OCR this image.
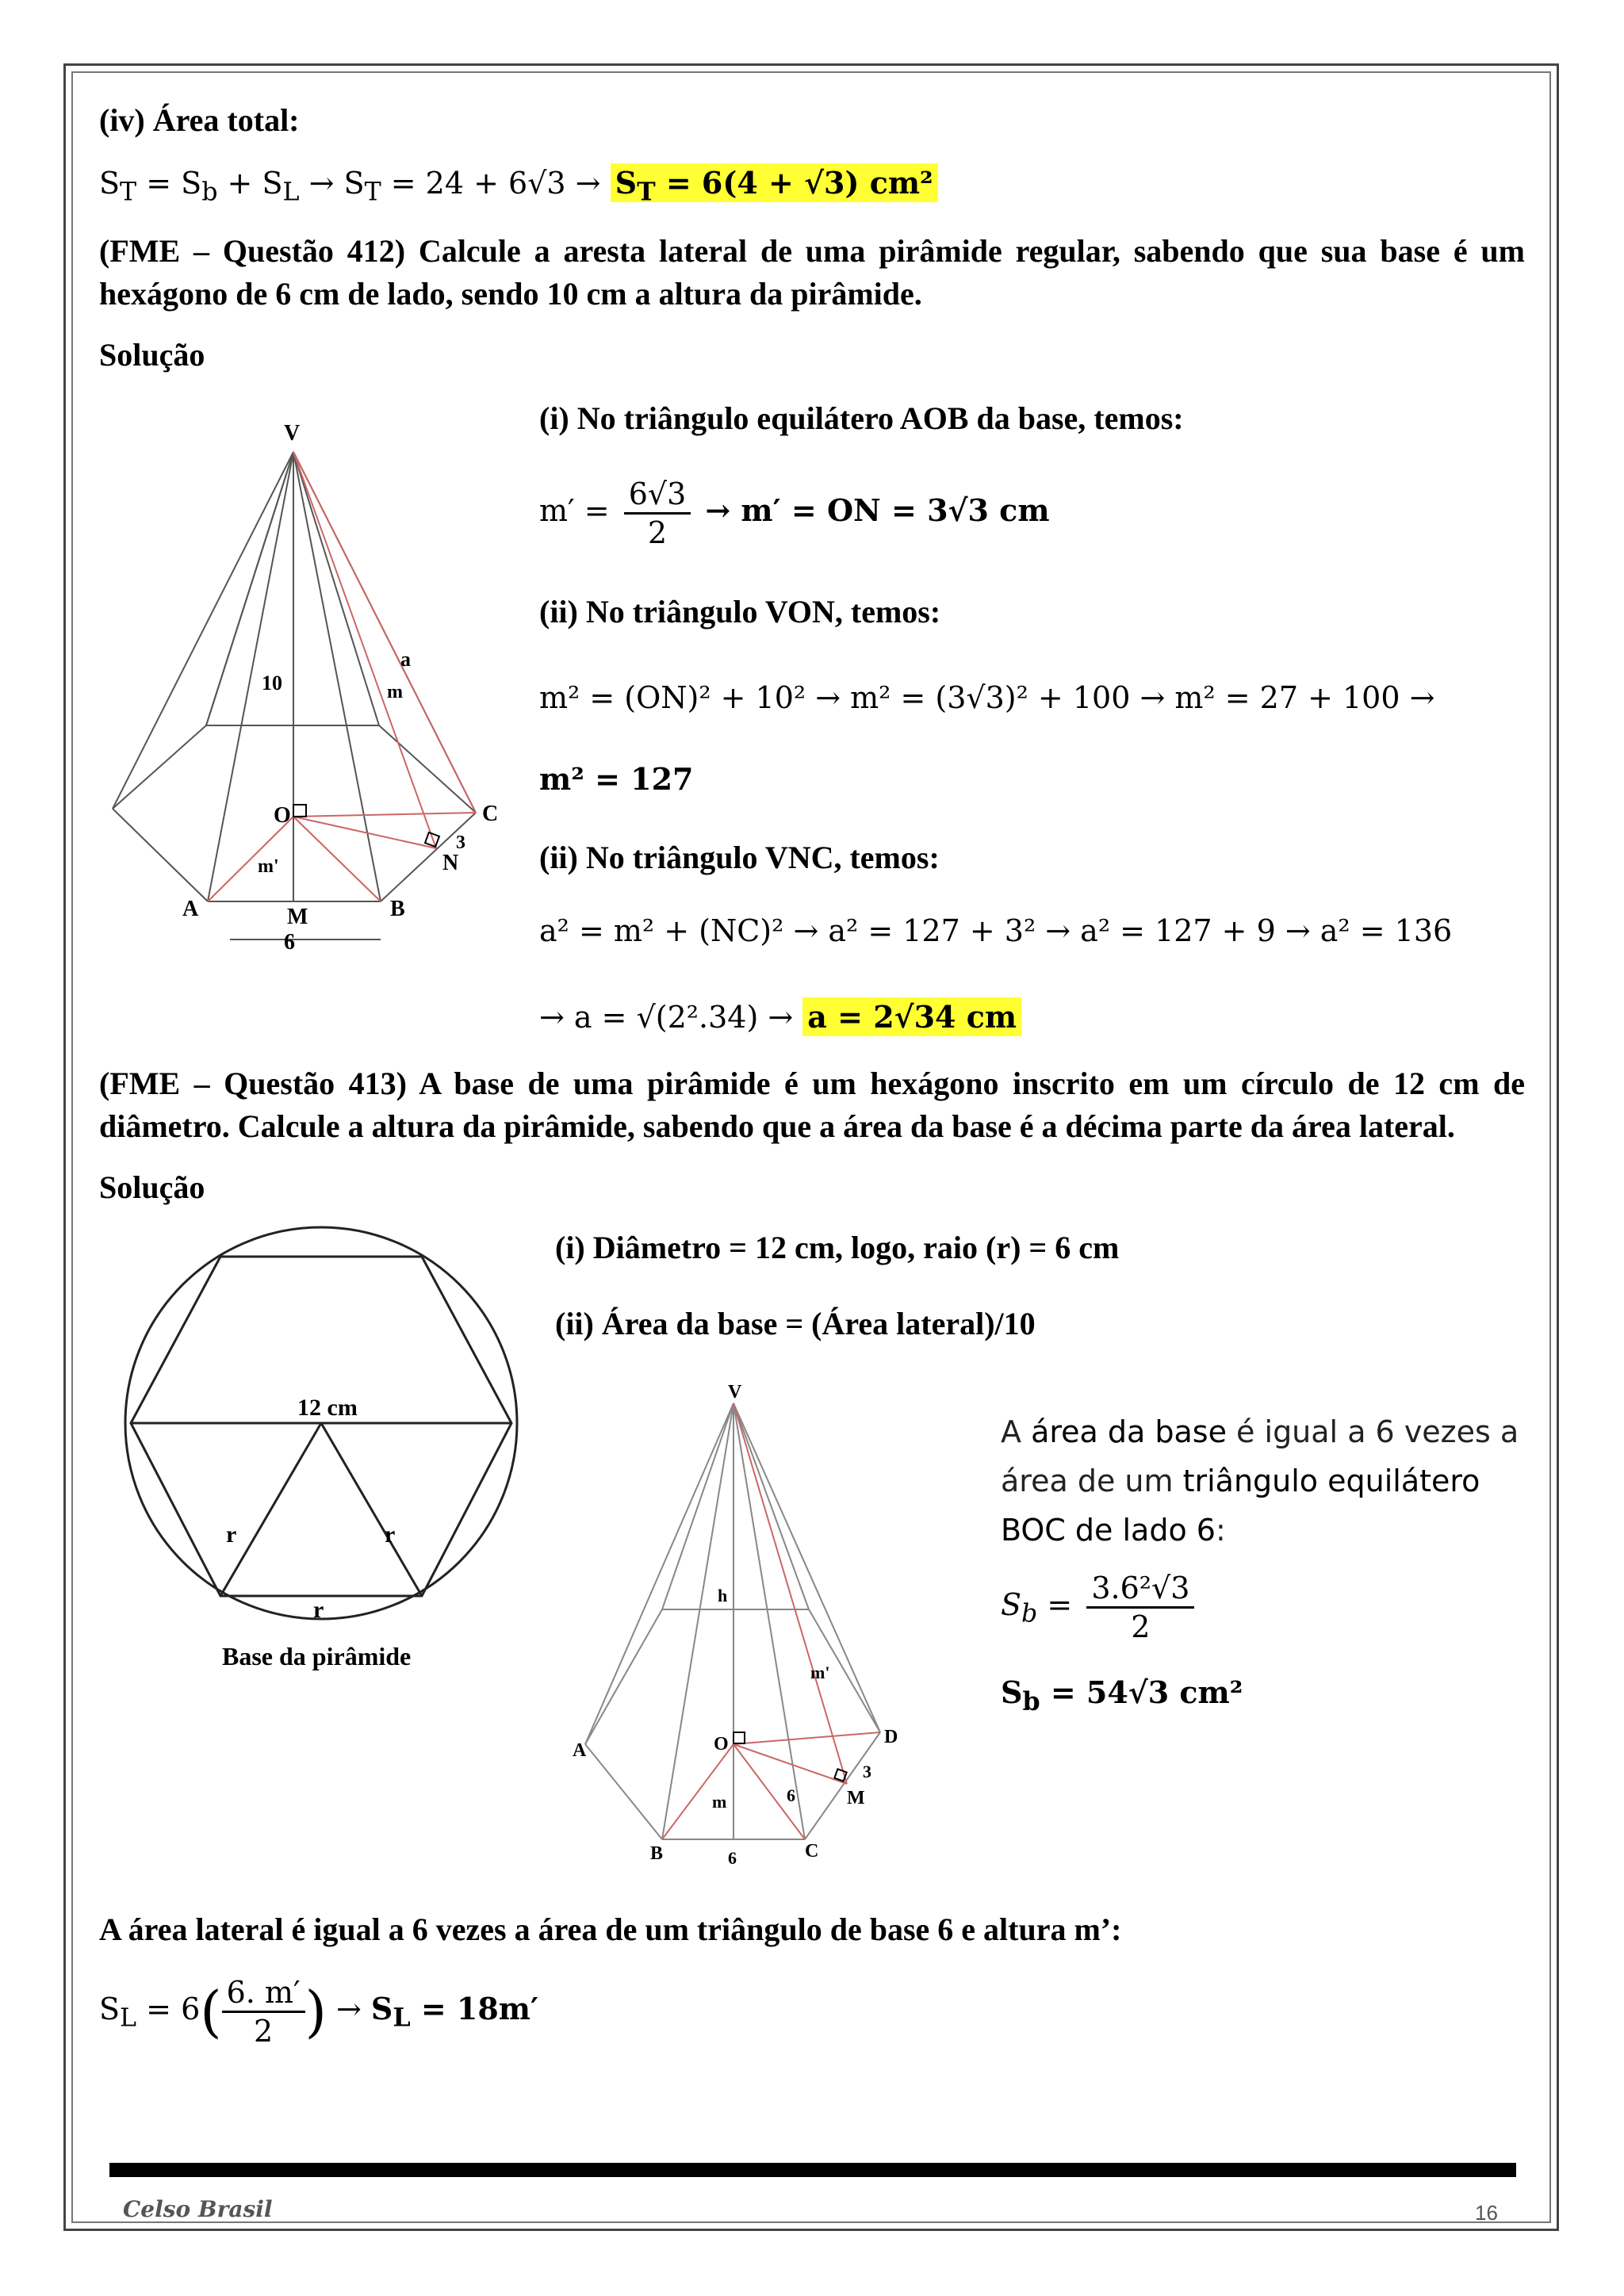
(iv) Área total:
$S_T = S_b + S_L \to S_T = 24 + 6√3 \to S_T = 6(4 + √3)$ cm²
(FME – Questão 412) Calcule a aresta lateral de uma pirâmide regular, sabendo que sua base é um hexágono de 6 cm de lado, sendo 10 cm a altura da pirâmide.
Solução
V
10
a
m
O	C
3
N
m'
A	M	B
6
(i) No triângulo equilátero AOB da base, temos:
$m' = \frac{6√3}{2} \to m'$ = ON = 3√3 cm
(ii) No triângulo VON, temos:
m² = (ON)² + 10² → m² = (3√3)² + 100 → m² = 27 + 100 →
m² = 127
(ii) No triângulo VNC, temos:
a² = m² + (NC)² → a² = 127 + 3² → a² = 127 + 9 → a² = 136
→ a = √(2².34) → a = 2√34 cm
(FME – Questão 413) A base de uma pirâmide é um hexágono inscrito em um círculo de 12 cm de diâmetro. Calcule a altura da pirâmide, sabendo que a área da base é a décima parte da área lateral.
Solução
12 cm
r	r
r
Base da pirâmide
(i) Diâmetro = 12 cm, logo, raio (r) = 6 cm
(ii) Área da base = (Área lateral)/10
V
h
m'
A	O	D
3
M
6
m
B	C
6
A área da base é igual a 6 vezes a
área de um triângulo equilátero
BOC de lado 6:
$S_b = \frac{\text{3.6²√3}}{2}$
$S_b = 54√3$ cm²
A área lateral é igual a 6 vezes a área de um triângulo de base 6 e altura m’:
$S_L = 6( \frac{6. m'}{2}$ ) → $S_L = 18m'$
Celso Brasil	16
